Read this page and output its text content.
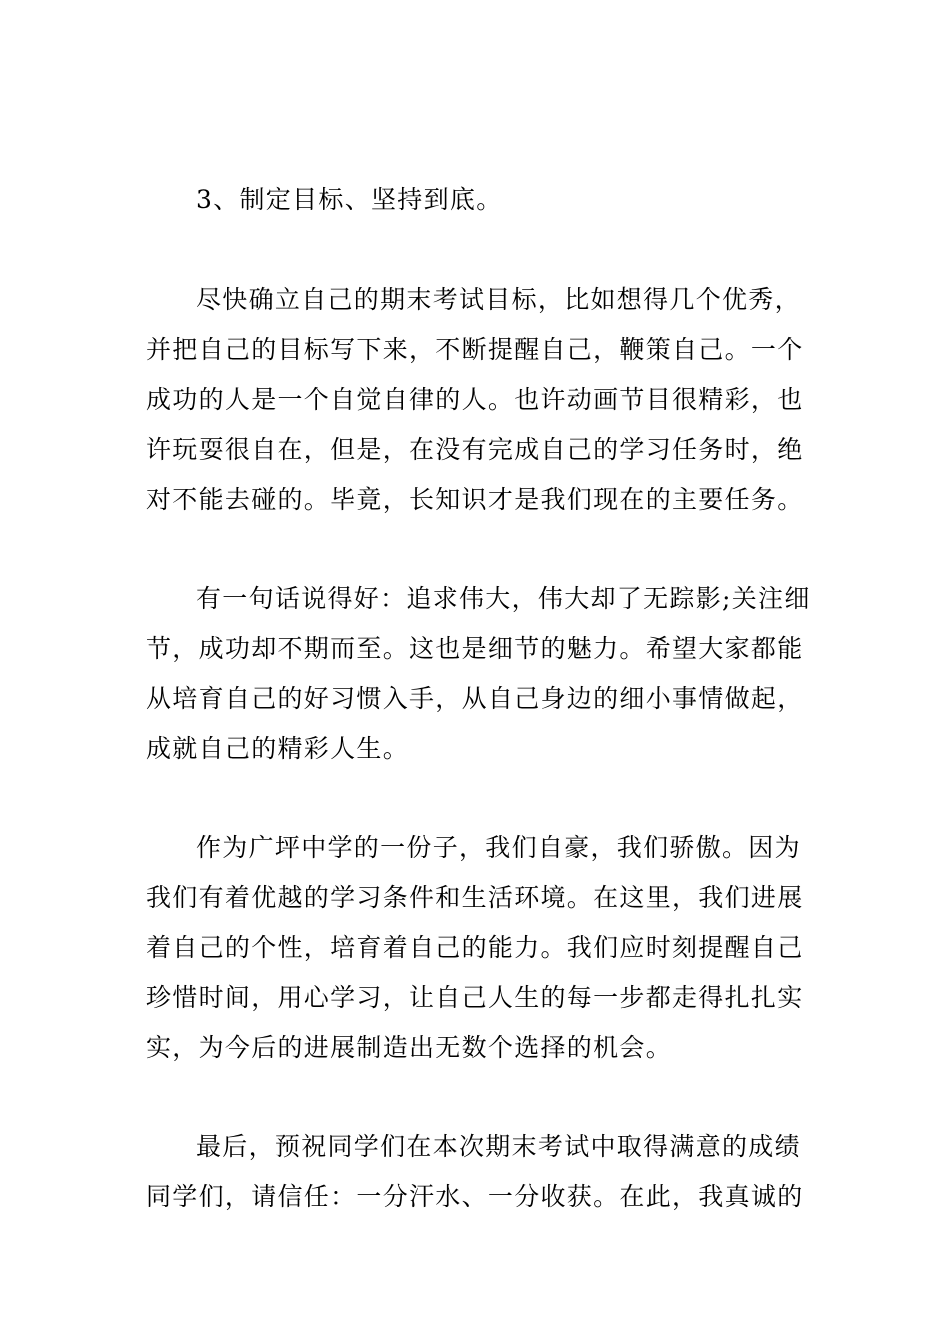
3、制定目标、坚持到底。
尽快确立自己的期末考试目标，比如想得几个优秀，
并把自己的目标写下来，不断提醒自己，鞭策自己。一个
成功的人是一个自觉自律的人。也许动画节目很精彩，也
许玩耍很自在，但是，在没有完成自己的学习任务时，绝
对不能去碰的。毕竟，长知识才是我们现在的主要任务。
有一句话说得好：追求伟大，伟大却了无踪影;关注细
节，成功却不期而至。这也是细节的魅力。希望大家都能
从培育自己的好习惯入手，从自己身边的细小事情做起，
成就自己的精彩人生。
作为广坪中学的一份子，我们自豪，我们骄傲。因为
我们有着优越的学习条件和生活环境。在这里，我们进展
着自己的个性，培育着自己的能力。我们应时刻提醒自己
珍惜时间，用心学习，让自己人生的每一步都走得扎扎实
实，为今后的进展制造出无数个选择的机会。
最后，预祝同学们在本次期末考试中取得满意的成绩
同学们，请信任：一分汗水、一分收获。在此，我真诚的
